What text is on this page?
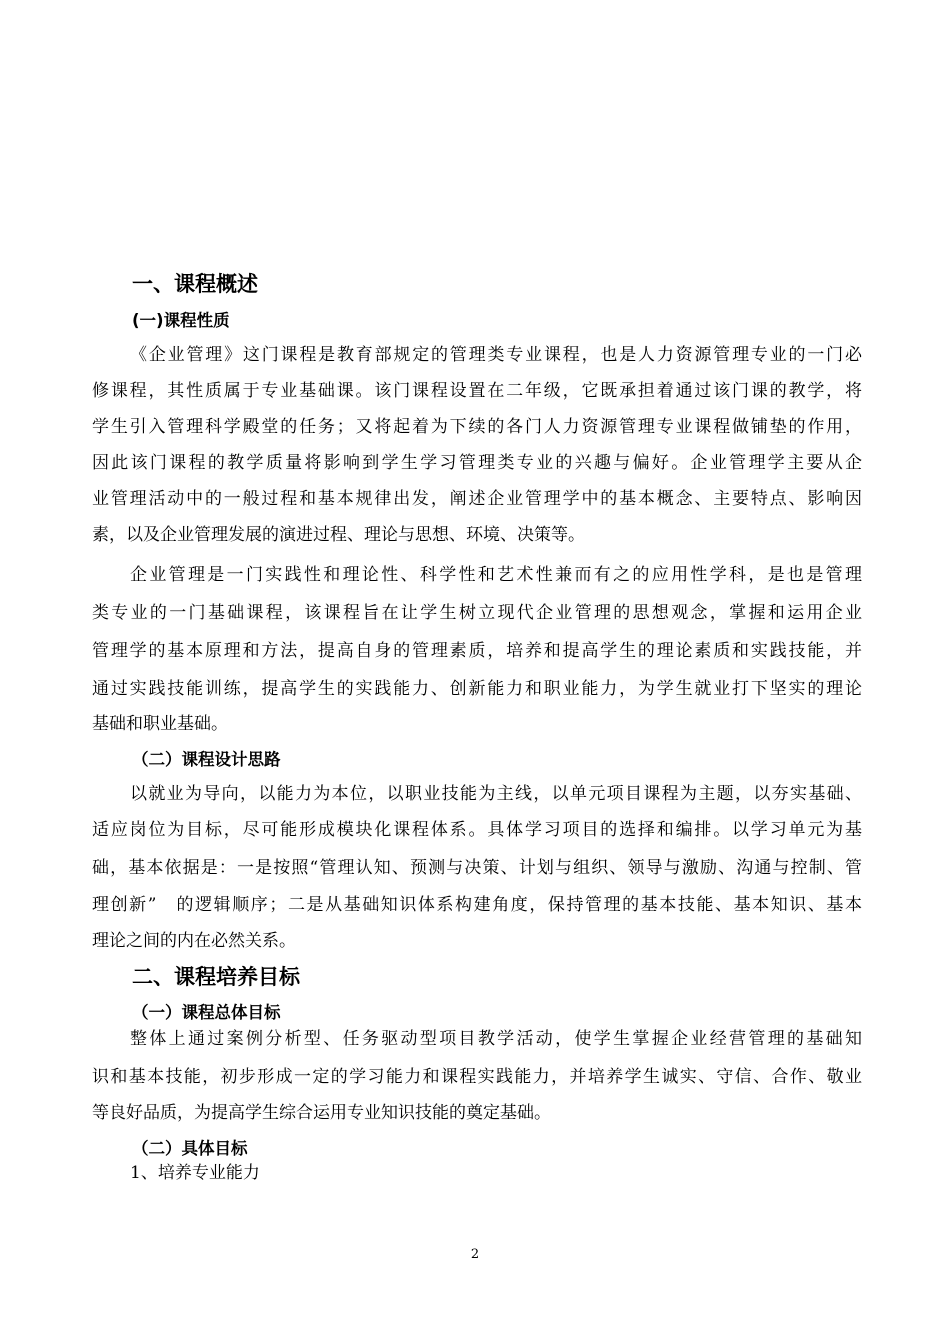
一、课程概述
(一)课程性质
《企业管理》这门课程是教育部规定的管理类专业课程，也是人力资源管理专业的一门必
修课程，其性质属于专业基础课。该门课程设置在二年级，它既承担着通过该门课的教学，将
学生引入管理科学殿堂的任务；又将起着为下续的各门人力资源管理专业课程做铺垫的作用，
因此该门课程的教学质量将影响到学生学习管理类专业的兴趣与偏好。企业管理学主要从企
业管理活动中的一般过程和基本规律出发，阐述企业管理学中的基本概念、主要特点、影响因
素，以及企业管理发展的演进过程、理论与思想、环境、决策等。
企业管理是一门实践性和理论性、科学性和艺术性兼而有之的应用性学科，是也是管理
类专业的一门基础课程，该课程旨在让学生树立现代企业管理的思想观念，掌握和运用企业
管理学的基本原理和方法，提高自身的管理素质，培养和提高学生的理论素质和实践技能，并
通过实践技能训练，提高学生的实践能力、创新能力和职业能力，为学生就业打下坚实的理论
基础和职业基础。
（二）课程设计思路
以就业为导向，以能力为本位，以职业技能为主线，以单元项目课程为主题，以夯实基础、
适应岗位为目标，尽可能形成模块化课程体系。具体学习项目的选择和编排。以学习单元为基
础，基本依据是：一是按照“管理认知、预测与决策、计划与组织、领导与激励、沟通与控制、管
理创新”　的逻辑顺序；二是从基础知识体系构建角度，保持管理的基本技能、基本知识、基本
理论之间的内在必然关系。
二、课程培养目标
（一）课程总体目标
整体上通过案例分析型、任务驱动型项目教学活动，使学生掌握企业经营管理的基础知
识和基本技能，初步形成一定的学习能力和课程实践能力，并培养学生诚实、守信、合作、敬业
等良好品质，为提高学生综合运用专业知识技能的奠定基础。
（二）具体目标
1、培养专业能力
2
